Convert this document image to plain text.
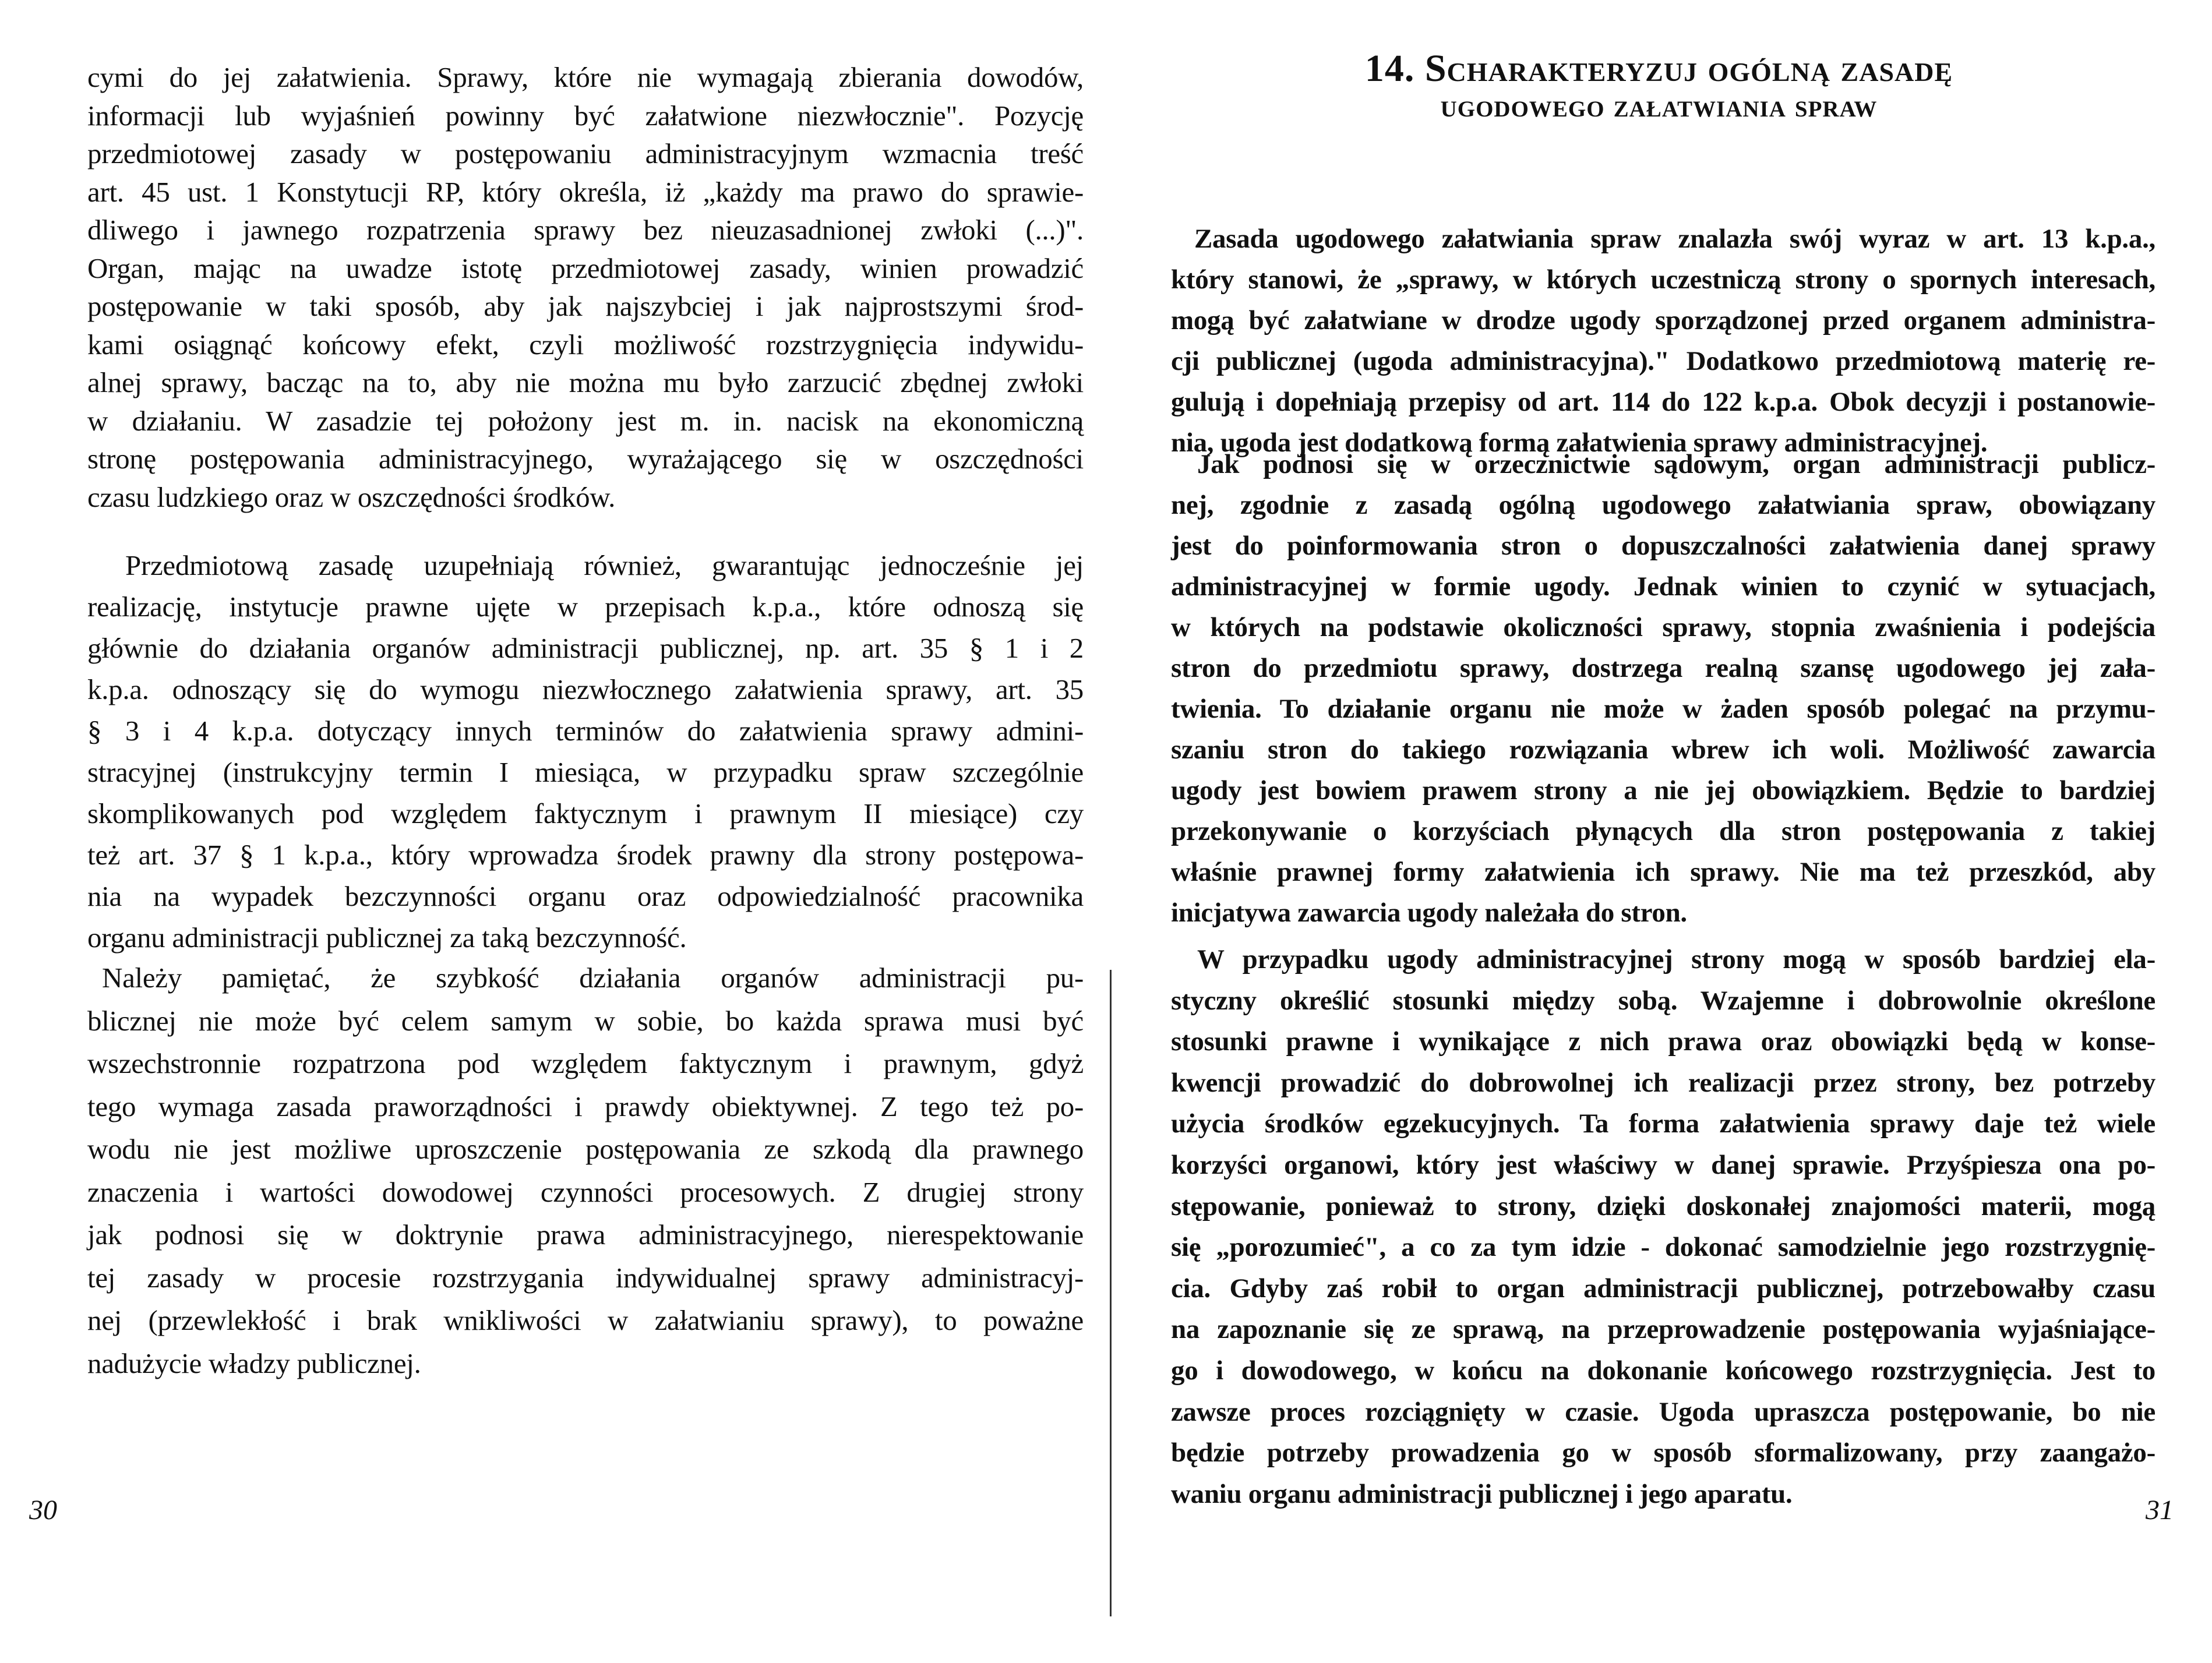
cymi do jej załatwienia. Sprawy, które nie wymagają zbierania dowodów,
informacji lub wyjaśnień powinny być załatwione niezwłocznie". Pozycję
przedmiotowej zasady w postępowaniu administracyjnym wzmacnia treść
art. 45 ust. 1 Konstytucji RP, który określa, iż „każdy ma prawo do sprawie-
dliwego i jawnego rozpatrzenia sprawy bez nieuzasadnionej zwłoki (...)".
Organ, mając na uwadze istotę przedmiotowej zasady, winien prowadzić
postępowanie w taki sposób, aby jak najszybciej i jak najprostszymi środ-
kami osiągnąć końcowy efekt, czyli możliwość rozstrzygnięcia indywidu-
alnej sprawy, bacząc na to, aby nie można mu było zarzucić zbędnej zwłoki
w działaniu. W zasadzie tej położony jest m. in. nacisk na ekonomiczną
stronę postępowania administracyjnego, wyrażającego się w oszczędności
czasu ludzkiego oraz w oszczędności środków.
Przedmiotową zasadę uzupełniają również, gwarantując jednocześnie jej
realizację, instytucje prawne ujęte w przepisach k.p.a., które odnoszą się
głównie do działania organów administracji publicznej, np. art. 35 § 1 i 2
k.p.a. odnoszący się do wymogu niezwłocznego załatwienia sprawy, art. 35
§ 3 i 4 k.p.a. dotyczący innych terminów do załatwienia sprawy admini-
stracyjnej (instrukcyjny termin I miesiąca, w przypadku spraw szczególnie
skomplikowanych pod względem faktycznym i prawnym II miesiące) czy
też art. 37 § 1 k.p.a., który wprowadza środek prawny dla strony postępowa-
nia na wypadek bezczynności organu oraz odpowiedzialność pracownika
organu administracji publicznej za taką bezczynność.
Należy pamiętać, że szybkość działania organów administracji pu-
blicznej nie może być celem samym w sobie, bo każda sprawa musi być
wszechstronnie rozpatrzona pod względem faktycznym i prawnym, gdyż
tego wymaga zasada praworządności i prawdy obiektywnej. Z tego też po-
wodu nie jest możliwe uproszczenie postępowania ze szkodą dla prawnego
znaczenia i wartości dowodowej czynności procesowych. Z drugiej strony
jak podnosi się w doktrynie prawa administracyjnego, nierespektowanie
tej zasady w procesie rozstrzygania indywidualnej sprawy administracyj-
nej (przewlekłość i brak wnikliwości w załatwianiu sprawy), to poważne
nadużycie władzy publicznej.
30
14. Scharakteryzuj ogólną zasadę
ugodowego załatwiania spraw
Zasada ugodowego załatwiania spraw znalazła swój wyraz w art. 13 k.p.a.,
który stanowi, że „sprawy, w których uczestniczą strony o spornych interesach,
mogą być załatwiane w drodze ugody sporządzonej przed organem administra-
cji publicznej (ugoda administracyjna)." Dodatkowo przedmiotową materię re-
gulują i dopełniają przepisy od art. 114 do 122 k.p.a. Obok decyzji i postanowie-
nia, ugoda jest dodatkową formą załatwienia sprawy administracyjnej.
Jak podnosi się w orzecznictwie sądowym, organ administracji publicz-
nej, zgodnie z zasadą ogólną ugodowego załatwiania spraw, obowiązany
jest do poinformowania stron o dopuszczalności załatwienia danej sprawy
administracyjnej w formie ugody. Jednak winien to czynić w sytuacjach,
w których na podstawie okoliczności sprawy, stopnia zwaśnienia i podejścia
stron do przedmiotu sprawy, dostrzega realną szansę ugodowego jej zała-
twienia. To działanie organu nie może w żaden sposób polegać na przymu-
szaniu stron do takiego rozwiązania wbrew ich woli. Możliwość zawarcia
ugody jest bowiem prawem strony a nie jej obowiązkiem. Będzie to bardziej
przekonywanie o korzyściach płynących dla stron postępowania z takiej
właśnie prawnej formy załatwienia ich sprawy. Nie ma też przeszkód, aby
inicjatywa zawarcia ugody należała do stron.
W przypadku ugody administracyjnej strony mogą w sposób bardziej ela-
styczny określić stosunki między sobą. Wzajemne i dobrowolnie określone
stosunki prawne i wynikające z nich prawa oraz obowiązki będą w konse-
kwencji prowadzić do dobrowolnej ich realizacji przez strony, bez potrzeby
użycia środków egzekucyjnych. Ta forma załatwienia sprawy daje też wiele
korzyści organowi, który jest właściwy w danej sprawie. Przyśpiesza ona po-
stępowanie, ponieważ to strony, dzięki doskonałej znajomości materii, mogą
się „porozumieć", a co za tym idzie - dokonać samodzielnie jego rozstrzygnię-
cia. Gdyby zaś robił to organ administracji publicznej, potrzebowałby czasu
na zapoznanie się ze sprawą, na przeprowadzenie postępowania wyjaśniające-
go i dowodowego, w końcu na dokonanie końcowego rozstrzygnięcia. Jest to
zawsze proces rozciągnięty w czasie. Ugoda upraszcza postępowanie, bo nie
będzie potrzeby prowadzenia go w sposób sformalizowany, przy zaangażo-
waniu organu administracji publicznej i jego aparatu.
31
